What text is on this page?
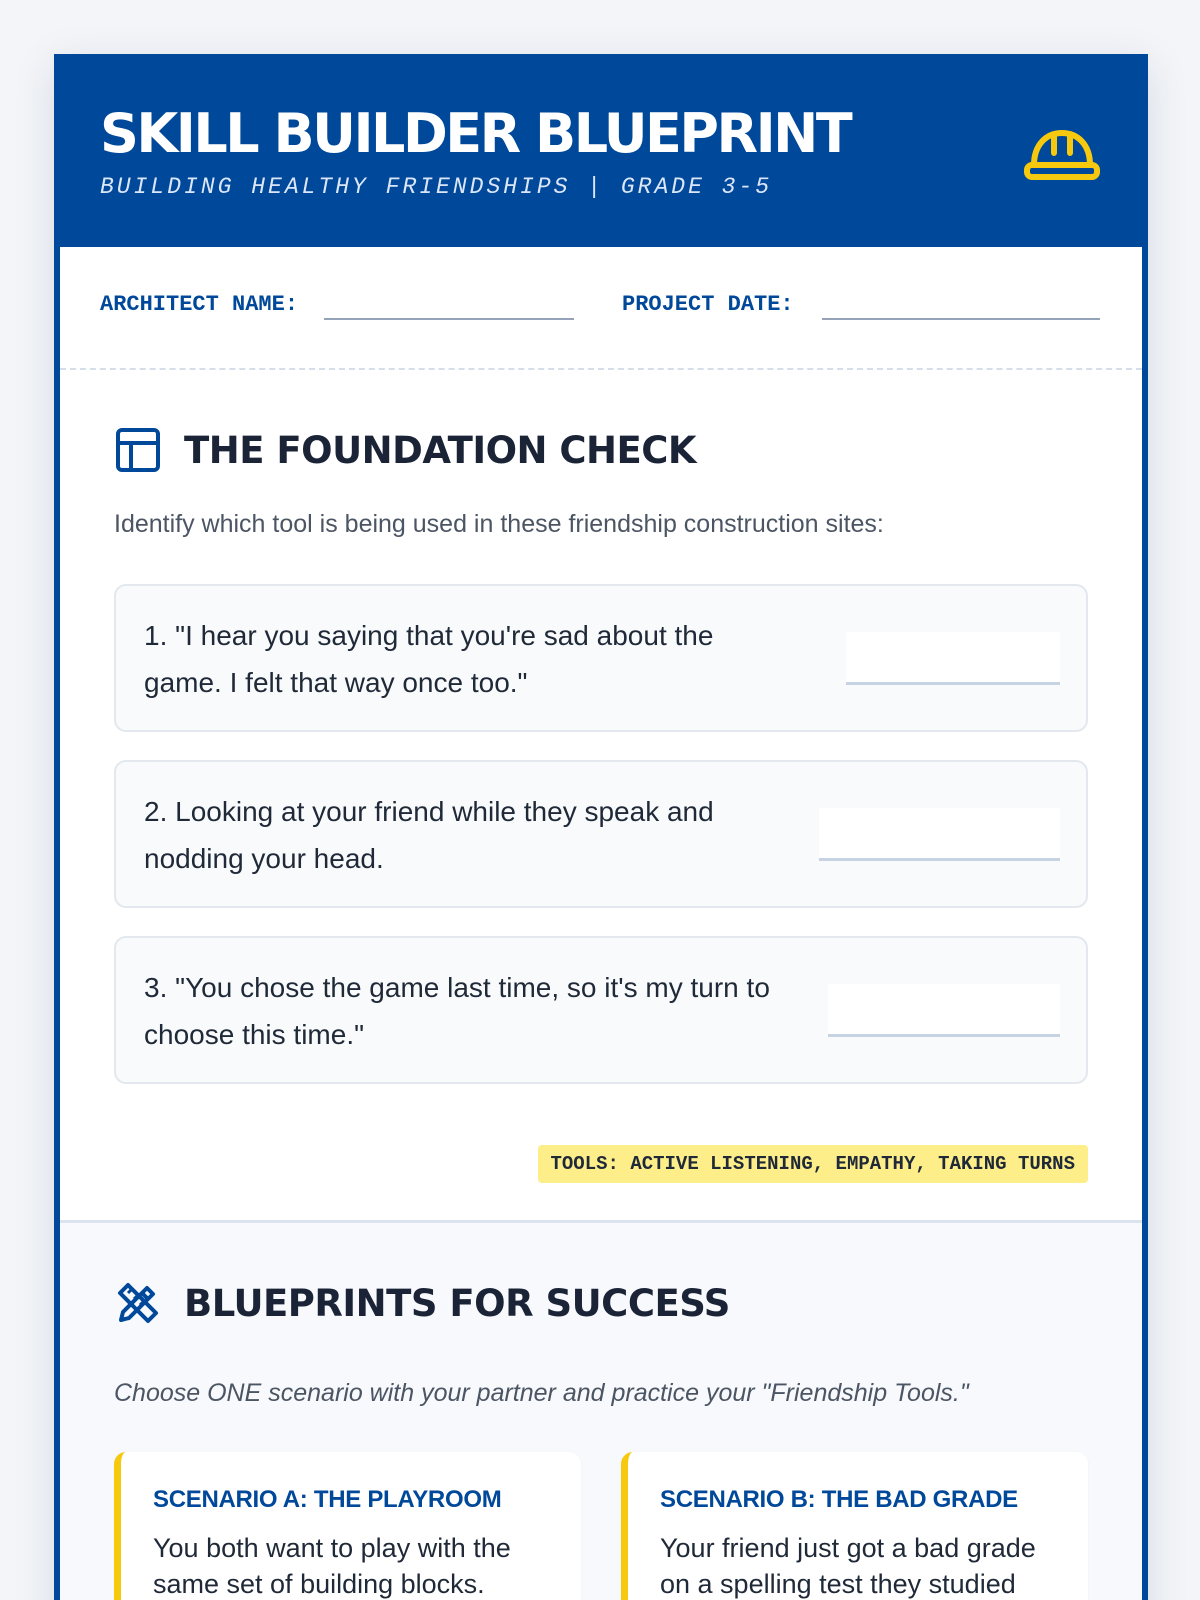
SKILL BUILDER BLUEPRINT
BUILDING HEALTHY FRIENDSHIPS | GRADE 3-5
ARCHITECT NAME:	PROJECT DATE:
THE FOUNDATION CHECK

Identify which tool is being used in these friendship construction sites:

1. "I hear you saying that you're sad about the game. I felt that way once too."
2. Looking at your friend while they speak and nodding your head.
3. "You chose the game last time, so it's my turn to choose this time."
TOOLS: ACTIVE LISTENING, EMPATHY, TAKING TURNS
BLUEPRINTS FOR SUCCESS

Choose ONE scenario with your partner and practice your "Friendship Tools."

SCENARIO A: THE PLAYROOM
You both want to play with the same set of building blocks.
SCENARIO B: THE BAD GRADE
Your friend just got a bad grade on a spelling test they studied
